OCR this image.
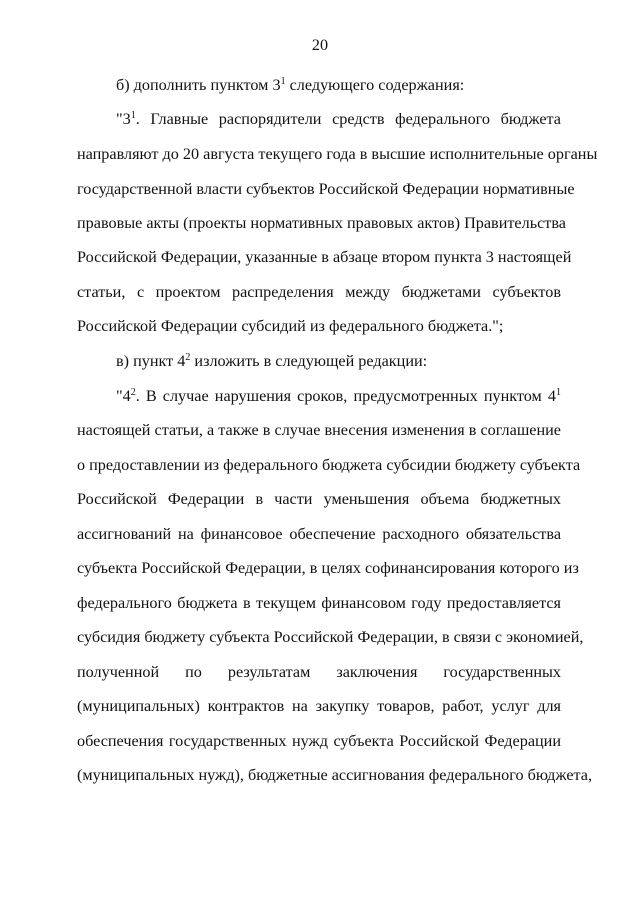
20
б) дополнить пунктом $3^1$ следующего содержания:
"$3^1$. Главные распорядители средств федерального бюджета
направляют до 20 августа текущего года в высшие исполнительные органы
государственной власти субъектов Российской Федерации нормативные
правовые акты (проекты нормативных правовых актов) Правительства
Российской Федерации, указанные в абзаце втором пункта 3 настоящей
статьи, с проектом распределения между бюджетами субъектов
Российской Федерации субсидий из федерального бюджета.";
в) пункт $4^2$ изложить в следующей редакции:
"$4^2$. В случае нарушения сроков, предусмотренных пунктом $4^1$
настоящей статьи, а также в случае внесения изменения в соглашение
о предоставлении из федерального бюджета субсидии бюджету субъекта
Российской Федерации в части уменьшения объема бюджетных
ассигнований на финансовое обеспечение расходного обязательства
субъекта Российской Федерации, в целях софинансирования которого из
федерального бюджета в текущем финансовом году предоставляется
субсидия бюджету субъекта Российской Федерации, в связи с экономией,
полученной по результатам заключения государственных
(муниципальных) контрактов на закупку товаров, работ, услуг для
обеспечения государственных нужд субъекта Российской Федерации
(муниципальных нужд), бюджетные ассигнования федерального бюджета,
